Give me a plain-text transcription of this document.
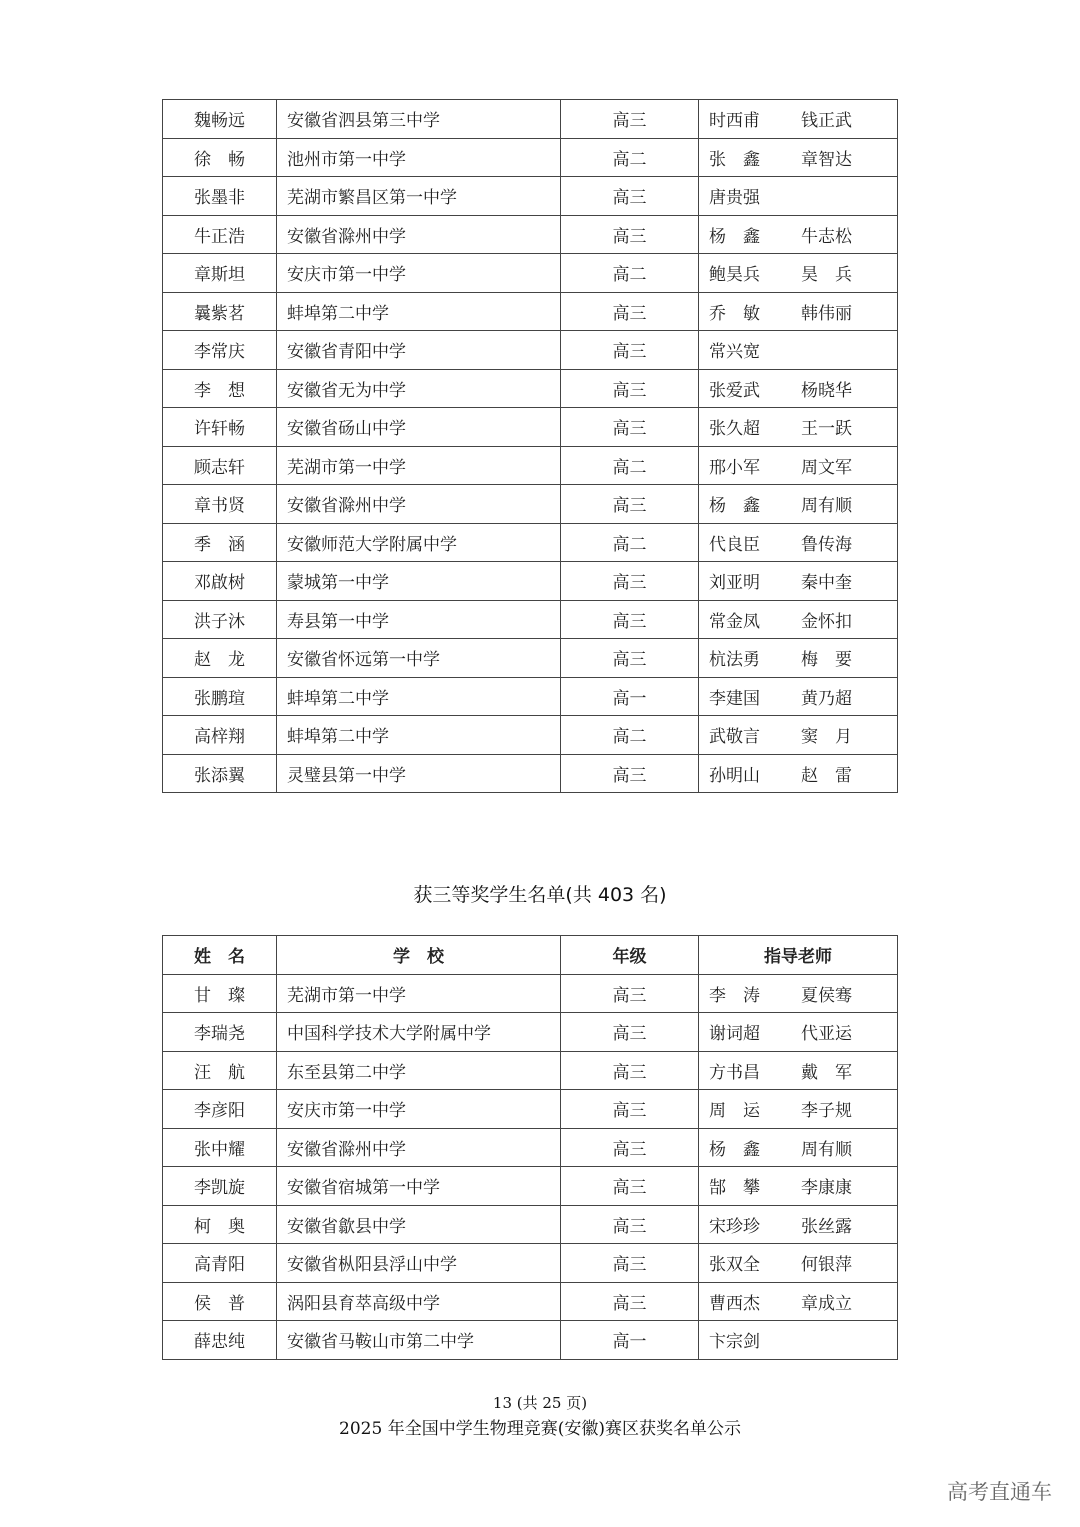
魏畅远	安徽省泗县第三中学	高三	时西甫 钱正武
徐　畅	池州市第一中学	高二	张　鑫 章智达
张墨非	芜湖市繁昌区第一中学	高三	唐贵强
牛正浩	安徽省滁州中学	高三	杨　鑫 牛志松
章斯坦	安庆市第一中学	高二	鲍昊兵 昊　兵
曩紫茗	蚌埠第二中学	高三	乔　敏 韩伟丽
李常庆	安徽省青阳中学	高三	常兴宽
李　想	安徽省无为中学	高三	张爱武 杨晓华
许轩畅	安徽省砀山中学	高三	张久超 王一跃
顾志轩	芜湖市第一中学	高二	邢小军 周文军
章书贤	安徽省滁州中学	高三	杨　鑫 周有顺
季　涵	安徽师范大学附属中学	高二	代良臣 鲁传海
邓啟树	蒙城第一中学	高三	刘亚明 秦中奎
洪子沐	寿县第一中学	高三	常金凤 金怀扣
赵　龙	安徽省怀远第一中学	高三	杭法勇 梅　要
张鹏瑄	蚌埠第二中学	高一	李建国 黄乃超
高梓翔	蚌埠第二中学	高二	武敬言 窦　月
张添翼	灵璧县第一中学	高三	孙明山 赵　雷
获三等奖学生名单(共 403 名)
姓　名	学　校	年级	指导老师
甘　璨	芜湖市第一中学	高三	李　涛 夏侯骞
李瑞尧	中国科学技术大学附属中学	高三	谢词超 代亚运
汪　航	东至县第二中学	高三	方书昌 戴　军
李彦阳	安庆市第一中学	高三	周　运 李子规
张中耀	安徽省滁州中学	高三	杨　鑫 周有顺
李凯旋	安徽省宿城第一中学	高三	郜　攀 李康康
柯　奥	安徽省歙县中学	高三	宋珍珍 张丝露
高青阳	安徽省枞阳县浮山中学	高三	张双全 何银萍
侯　普	涡阳县育萃高级中学	高三	曹西杰 章成立
薛忠纯	安徽省马鞍山市第二中学	高一	卞宗剑
13 (共 25 页)
2025 年全国中学生物理竞赛(安徽)赛区获奖名单公示
高考直通车
